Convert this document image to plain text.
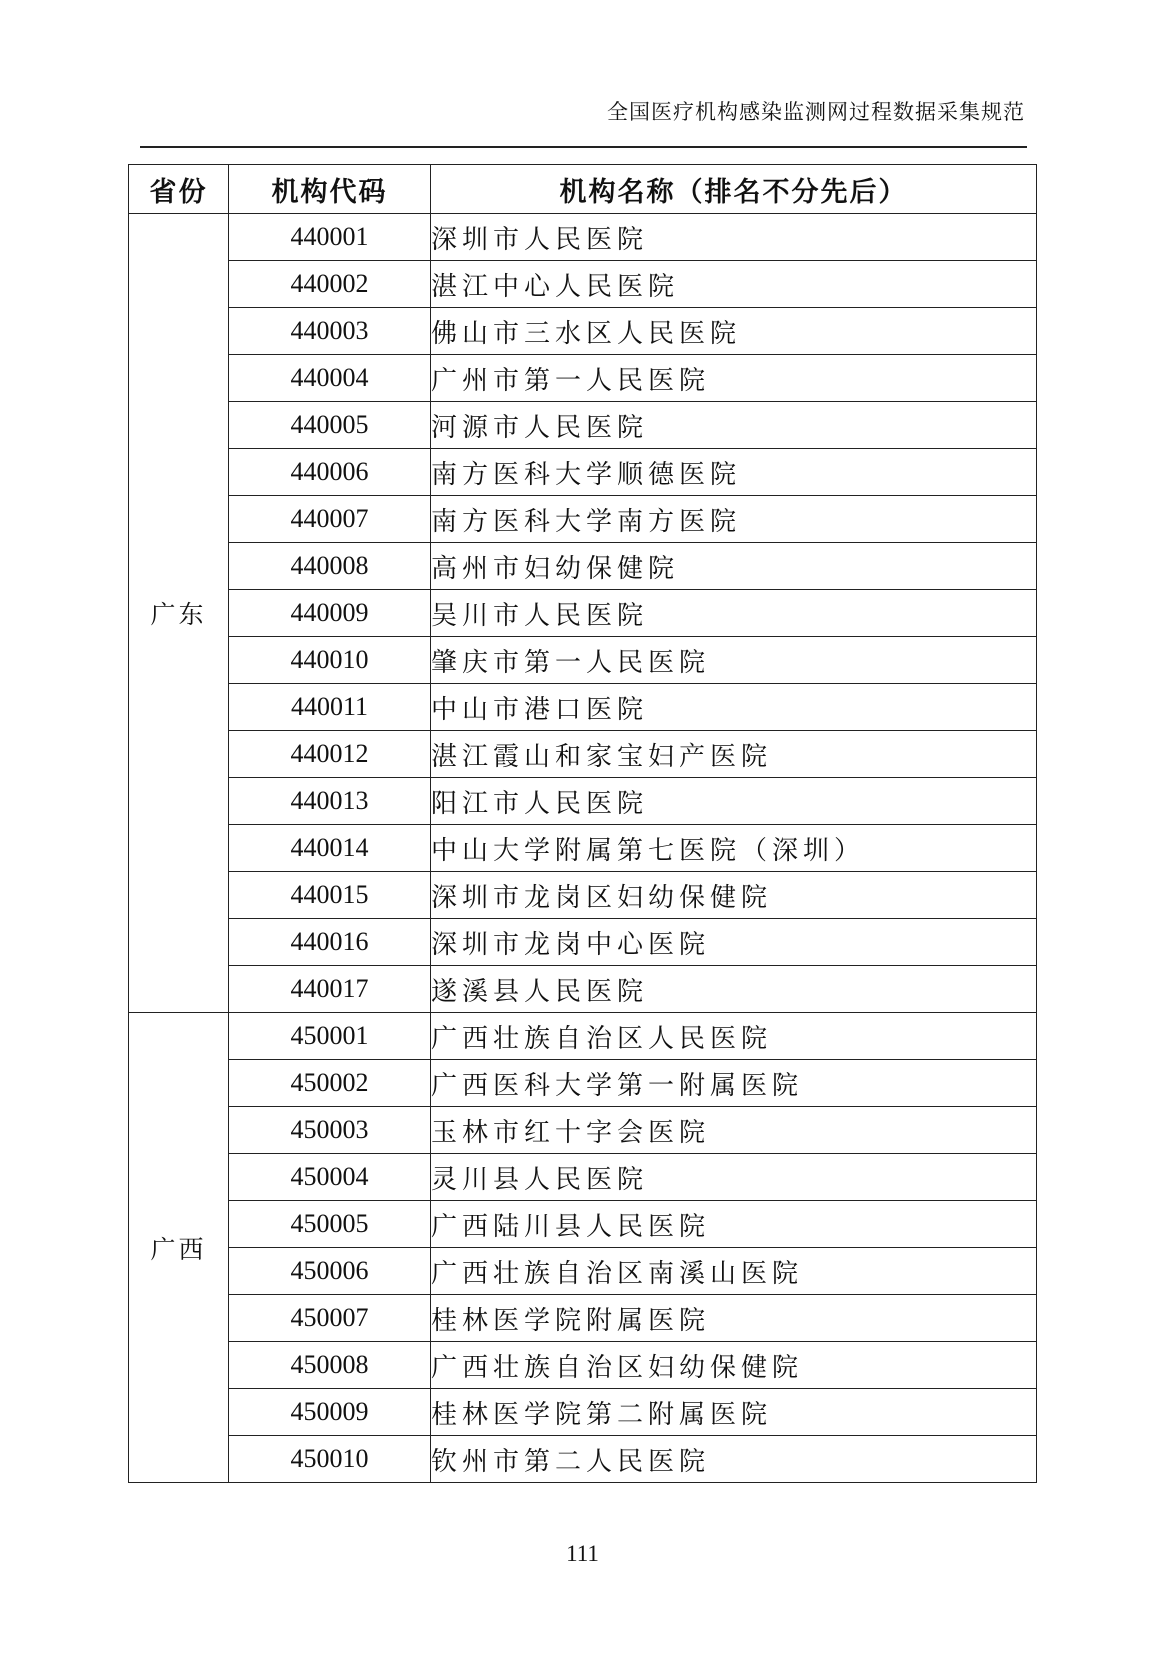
全国医疗机构感染监测网过程数据采集规范
省份	机构代码	机构名称（排名不分先后）
广东	440001	深圳市人民医院
	440002	湛江中心人民医院
	440003	佛山市三水区人民医院
	440004	广州市第一人民医院
	440005	河源市人民医院
	440006	南方医科大学顺德医院
	440007	南方医科大学南方医院
	440008	高州市妇幼保健院
	440009	吴川市人民医院
	440010	肇庆市第一人民医院
	440011	中山市港口医院
	440012	湛江霞山和家宝妇产医院
	440013	阳江市人民医院
	440014	中山大学附属第七医院（深圳）
	440015	深圳市龙岗区妇幼保健院
	440016	深圳市龙岗中心医院
	440017	遂溪县人民医院
广西	450001	广西壮族自治区人民医院
	450002	广西医科大学第一附属医院
	450003	玉林市红十字会医院
	450004	灵川县人民医院
	450005	广西陆川县人民医院
	450006	广西壮族自治区南溪山医院
	450007	桂林医学院附属医院
	450008	广西壮族自治区妇幼保健院
	450009	桂林医学院第二附属医院
	450010	钦州市第二人民医院
111
